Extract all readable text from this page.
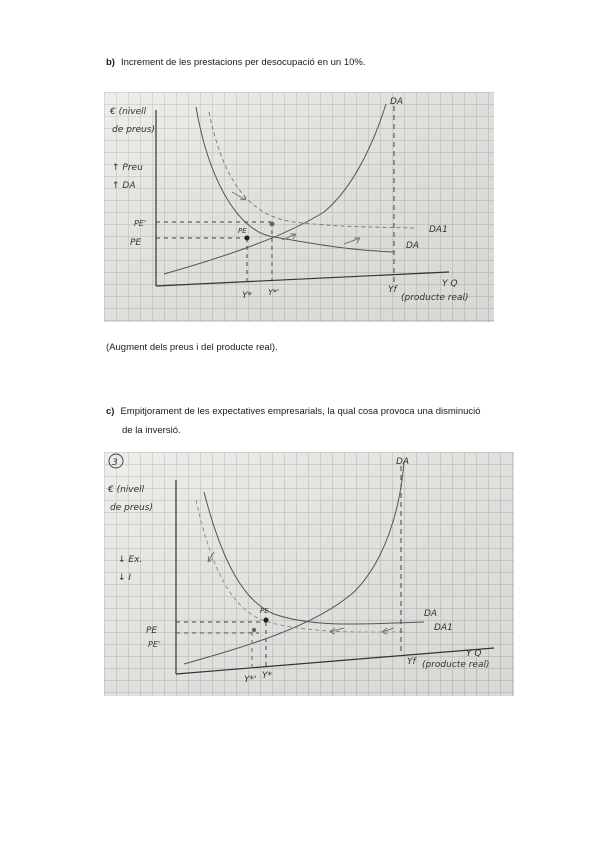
b) Increment de les prestacions per desocupació en un 10%.
€ (nivell
de preus)
↑ Preu
↑ DA
DA
DA1
DA
PE
PE'
PE
Y Q
(producte real)
Y* Y*'	Yf
(Augment dels preus i del producte real).
c) Empitjorament de les expectatives empresarials, la qual cosa provoca una disminució
de la inversió.
3
€ (nivell
de preus)
↓ Ex.
↓ I
DA
DA
DA1
PE
PE
PE'
Y Q
(producte real)
Y*' Y*
Yf
